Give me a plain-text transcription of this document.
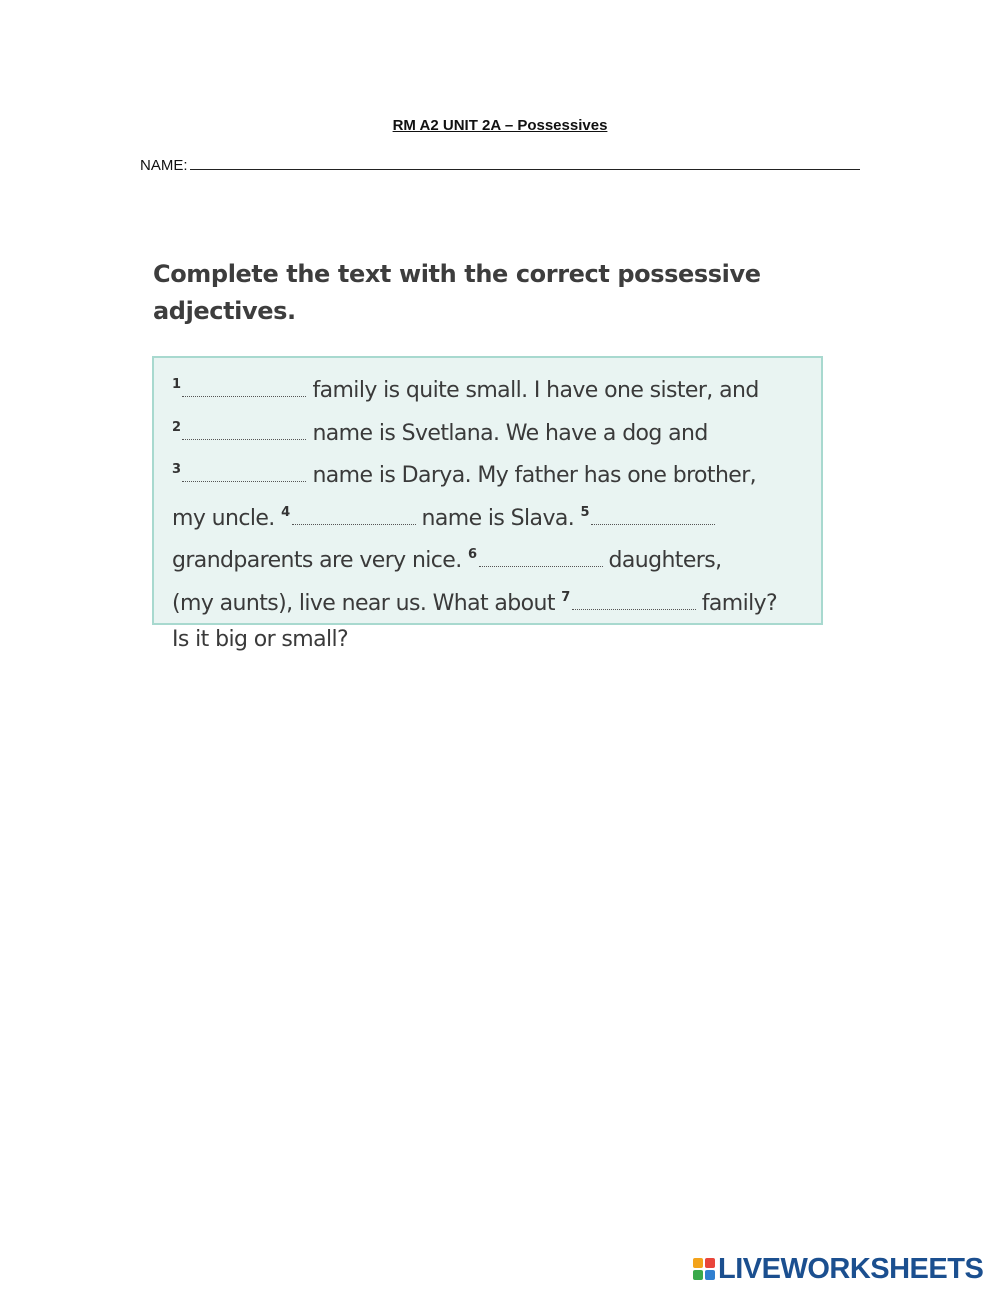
RM A2 UNIT 2A – Possessives
NAME:
Complete the text with the correct possessive adjectives.
$^1$	family is quite small. I have one sister, and
$^2$	name is Svetlana. We have a dog and
$^3$	name is Darya. My father has one brother,
my uncle. $^4$	name is Slava. $^5$
grandparents are very nice. $^6$	daughters,
(my aunts), live near us. What about $^7$	family?
Is it big or small?
LIVEWORKSHEETS
